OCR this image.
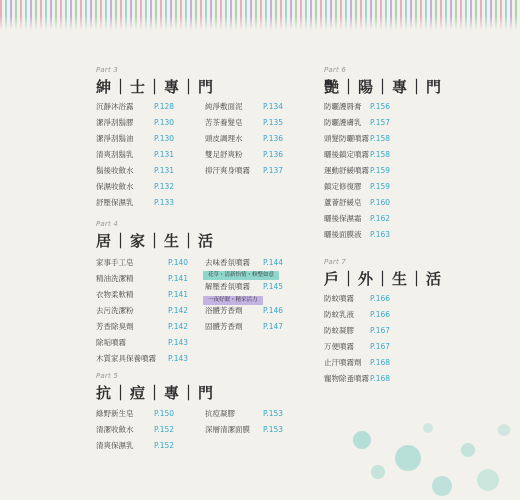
Part 3
紳｜士｜專｜門
沉靜沐浴露	P.128
潔淨刮鬍膠	P.130
潔淨刮鬍油	P.130
清爽刮鬍乳	P.131
鬍後收斂水	P.131
保濕收斂水	P.132
舒壓保濕乳	P.133
純淨敷面泥	P.134
苦茶養髮皂	P.135
頭皮調理水	P.136
雙足舒爽粉	P.136
抑汗爽身噴霧	P.137
Part 4
居｜家｜生｜活
家事手工皂	P.140
精油洗潔精	P.141
衣物柔軟精	P.141
去污洗潔粉	P.142
芳香除臭劑	P.142
除垢噴霧	P.143
木質家具保養噴霧	P.143
去味香氛噴霧	P.144
解壓香氛噴霧	P.145
浴體芳香劑	P.146
固體芳香劑	P.147
花草・清新怡情・修整如意
一夜好眠・精采活力
Part 5
抗｜痘｜專｜門
綠野新生皂	P.150
清潔收斂水	P.152
清爽保濕乳	P.152
抗痘凝膠	P.153
深層清潔面膜	P.153
Part 6
艷｜陽｜專｜門
防曬護脣膏	P.156
防曬護膚乳	P.157
頭髮防曬噴霧 P.158
曬後鎮定噴霧 P.158
運動舒緩噴霧 P.159
鎮定修復膠	P.159
蘆薈舒緩皂	P.160
曬後保濕霜	P.162
曬後面膜液	P.163
Part 7
戶｜外｜生｜活
防蚊噴霧	P.166
防蚊乳液	P.166
防蚊凝膠	P.167
万便噴霧	P.167
止汗噴霧劑	P.168
寵物除蚤噴霧 P.168
